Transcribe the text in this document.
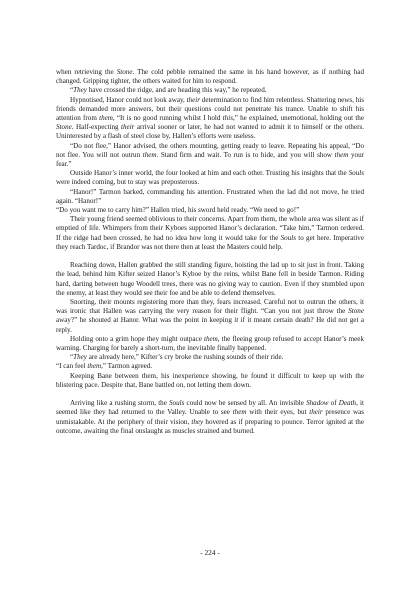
when retrieving the Stone. The cold pebble remained the same in his hand however, as if nothing had changed. Gripping tighter, the others waited for him to respond.

“They have crossed the ridge, and are heading this way,” he repeated.

Hypnotised, Hanor could not look away, their determination to find him relentless. Shattering news, his friends demanded more answers, but their questions could not penetrate his trance. Unable to shift his attention from them, “It is no good running whilst I hold this,” he explained, unemotional, holding out the Stone. Half-expecting their arrival sooner or later, he had not wanted to admit it to himself or the others. Uninterested by a flash of steel close by, Hallen’s efforts were useless.

“Do not flee,” Hanor advised, the others mounting, getting ready to leave. Repeating his appeal, “Do not flee. You will not outrun them. Stand firm and wait. To run is to hide, and you will show them your fear.”

Outside Hanor’s inner world, the four looked at him and each other. Trusting his insights that the Souls were indeed coming, but to stay was preposterous.

“Hanor!” Tarmon barked, commanding his attention. Frustrated when the lad did not move, he tried again. “Hanor!”

“Do you want me to carry him?” Hallen tried, his sword held ready. “We need to go!”

Their young friend seemed oblivious to their concerns. Apart from them, the whole area was silent as if emptied of life. Whimpers from their Kyboes supported Hanor’s declaration. “Take him,” Tarmon ordered. If the ridge had been crossed, he had no idea how long it would take for the Souls to get here. Imperative they reach Tardoc, if Brandor was not there then at least the Masters could help.

Reaching down, Hallen grabbed the still standing figure, hoisting the lad up to sit just in front. Taking the lead, behind him Kifter seized Hanor’s Kyboe by the reins, whilst Bane fell in beside Tarmon. Riding hard, darting between huge Woodell trees, there was no giving way to caution. Even if they stumbled upon the enemy, at least they would see their foe and be able to defend themselves.

Snorting, their mounts registering more than they, fears increased. Careful not to outrun the others, it was ironic that Hallen was carrying the very reason for their flight. “Can you not just throw the Stone away?” he shouted at Hanor. What was the point in keeping it if it meant certain death? He did not get a reply.

Holding onto a grim hope they might outpace them, the fleeing group refused to accept Hanor’s meek warning. Charging for barely a short-turn, the inevitable finally happened.

“They are already here,” Kifter’s cry broke the rushing sounds of their ride.

“I can feel them,” Tarmon agreed.

Keeping Bane between them, his inexperience showing, he found it difficult to keep up with the blistering pace. Despite that, Bane battled on, not letting them down.

Arriving like a rushing storm, the Souls could now be sensed by all. An invisible Shadow of Death, it seemed like they had returned to the Valley. Unable to see them with their eyes, but their presence was unmistakable. At the periphery of their vision, they hovered as if preparing to pounce. Terror ignited at the outcome, awaiting the final onslaught as muscles strained and burned.

- 224 -
